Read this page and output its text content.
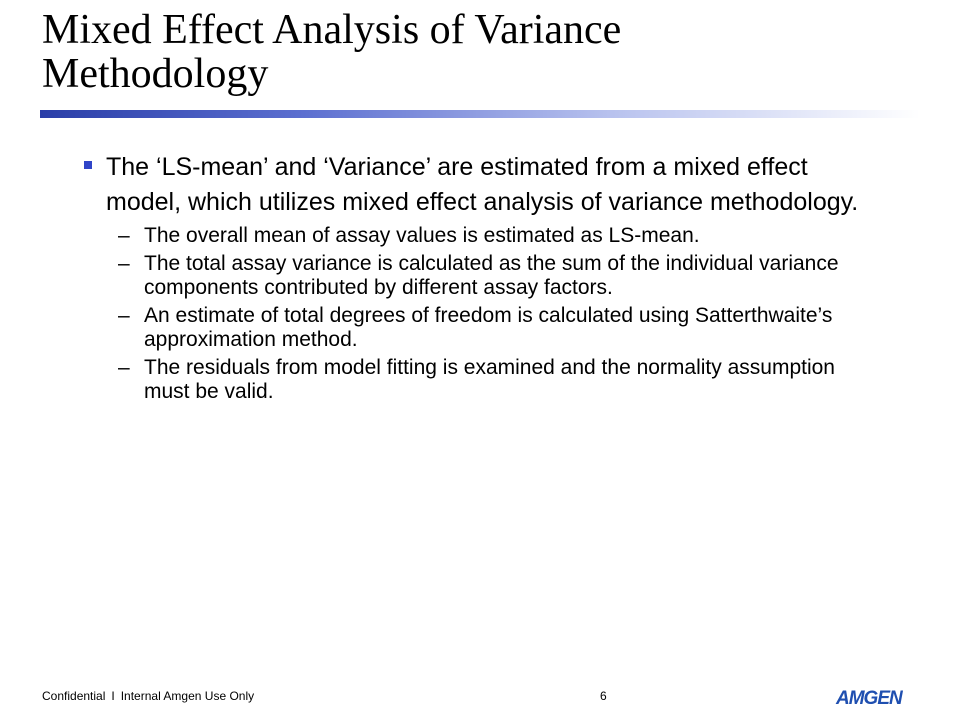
Mixed Effect Analysis of Variance
Methodology
The ‘LS-mean’ and ‘Variance’ are estimated from a mixed effect model, which utilizes mixed effect analysis of variance methodology.
– The overall mean of assay values is estimated as LS-mean.
– The total assay variance is calculated as the sum of the individual variance components contributed by different assay factors.
– An estimate of total degrees of freedom is calculated using Satterthwaite’s approximation method.
– The residuals from model fitting is examined and the normality assumption must be valid.
Confidential I Internal Amgen Use Only	6	AMGEN
